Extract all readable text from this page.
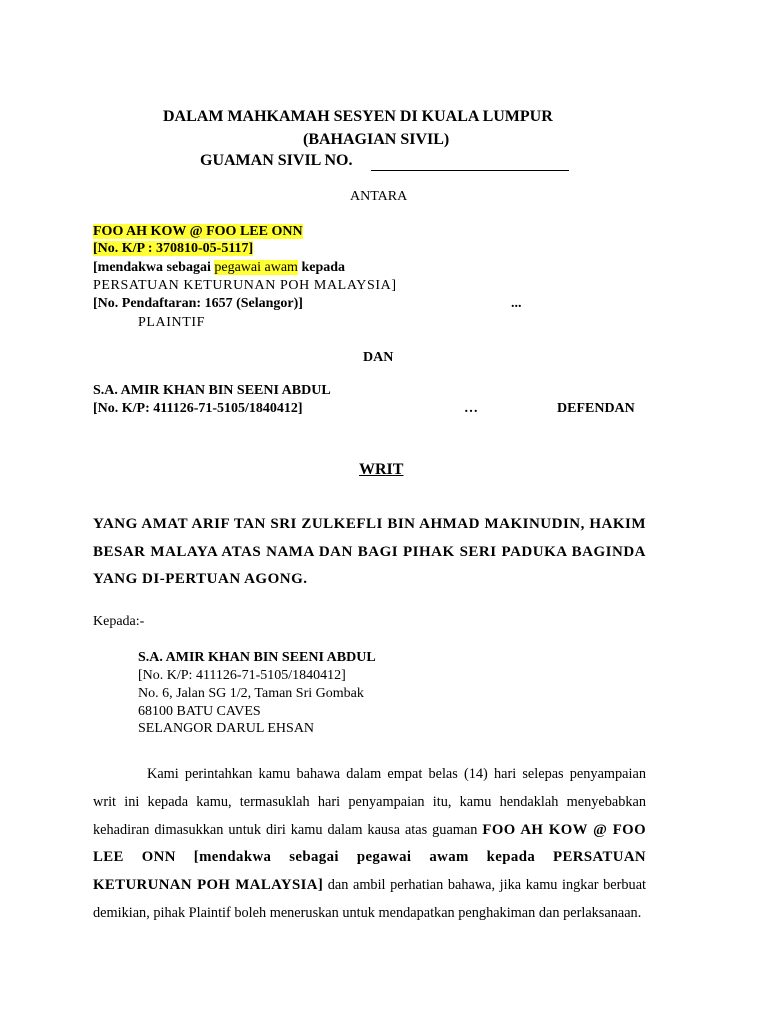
DALAM MAHKAMAH SESYEN DI KUALA LUMPUR
(BAHAGIAN SIVIL)
GUAMAN SIVIL NO.
ANTARA
FOO AH KOW @ FOO LEE ONN
[No. K/P : 370810-05-5117]
[mendakwa sebagai pegawai awam kepada
PERSATUAN KETURUNAN POH MALAYSIA]
[No. Pendaftaran: 1657 (Selangor)]	...
PLAINTIF
DAN
S.A. AMIR KHAN BIN SEENI ABDUL
[No. K/P: 411126-71-5105/1840412]	…	DEFENDAN
WRIT
YANG AMAT ARIF TAN SRI ZULKEFLI BIN AHMAD MAKINUDIN, HAKIM BESAR MALAYA ATAS NAMA DAN BAGI PIHAK SERI PADUKA BAGINDA YANG DI-PERTUAN AGONG.
Kepada:-
S.A. AMIR KHAN BIN SEENI ABDUL
[No. K/P: 411126-71-5105/1840412]
No. 6, Jalan SG 1/2, Taman Sri Gombak
68100 BATU CAVES
SELANGOR DARUL EHSAN
Kami perintahkan kamu bahawa dalam empat belas (14) hari selepas penyampaian writ ini kepada kamu, termasuklah hari penyampaian itu, kamu hendaklah menyebabkan kehadiran dimasukkan untuk diri kamu dalam kausa atas guaman FOO AH KOW @ FOO LEE ONN [mendakwa sebagai pegawai awam kepada PERSATUAN KETURUNAN POH MALAYSIA] dan ambil perhatian bahawa, jika kamu ingkar berbuat demikian, pihak Plaintif boleh meneruskan untuk mendapatkan penghakiman dan perlaksanaan.
